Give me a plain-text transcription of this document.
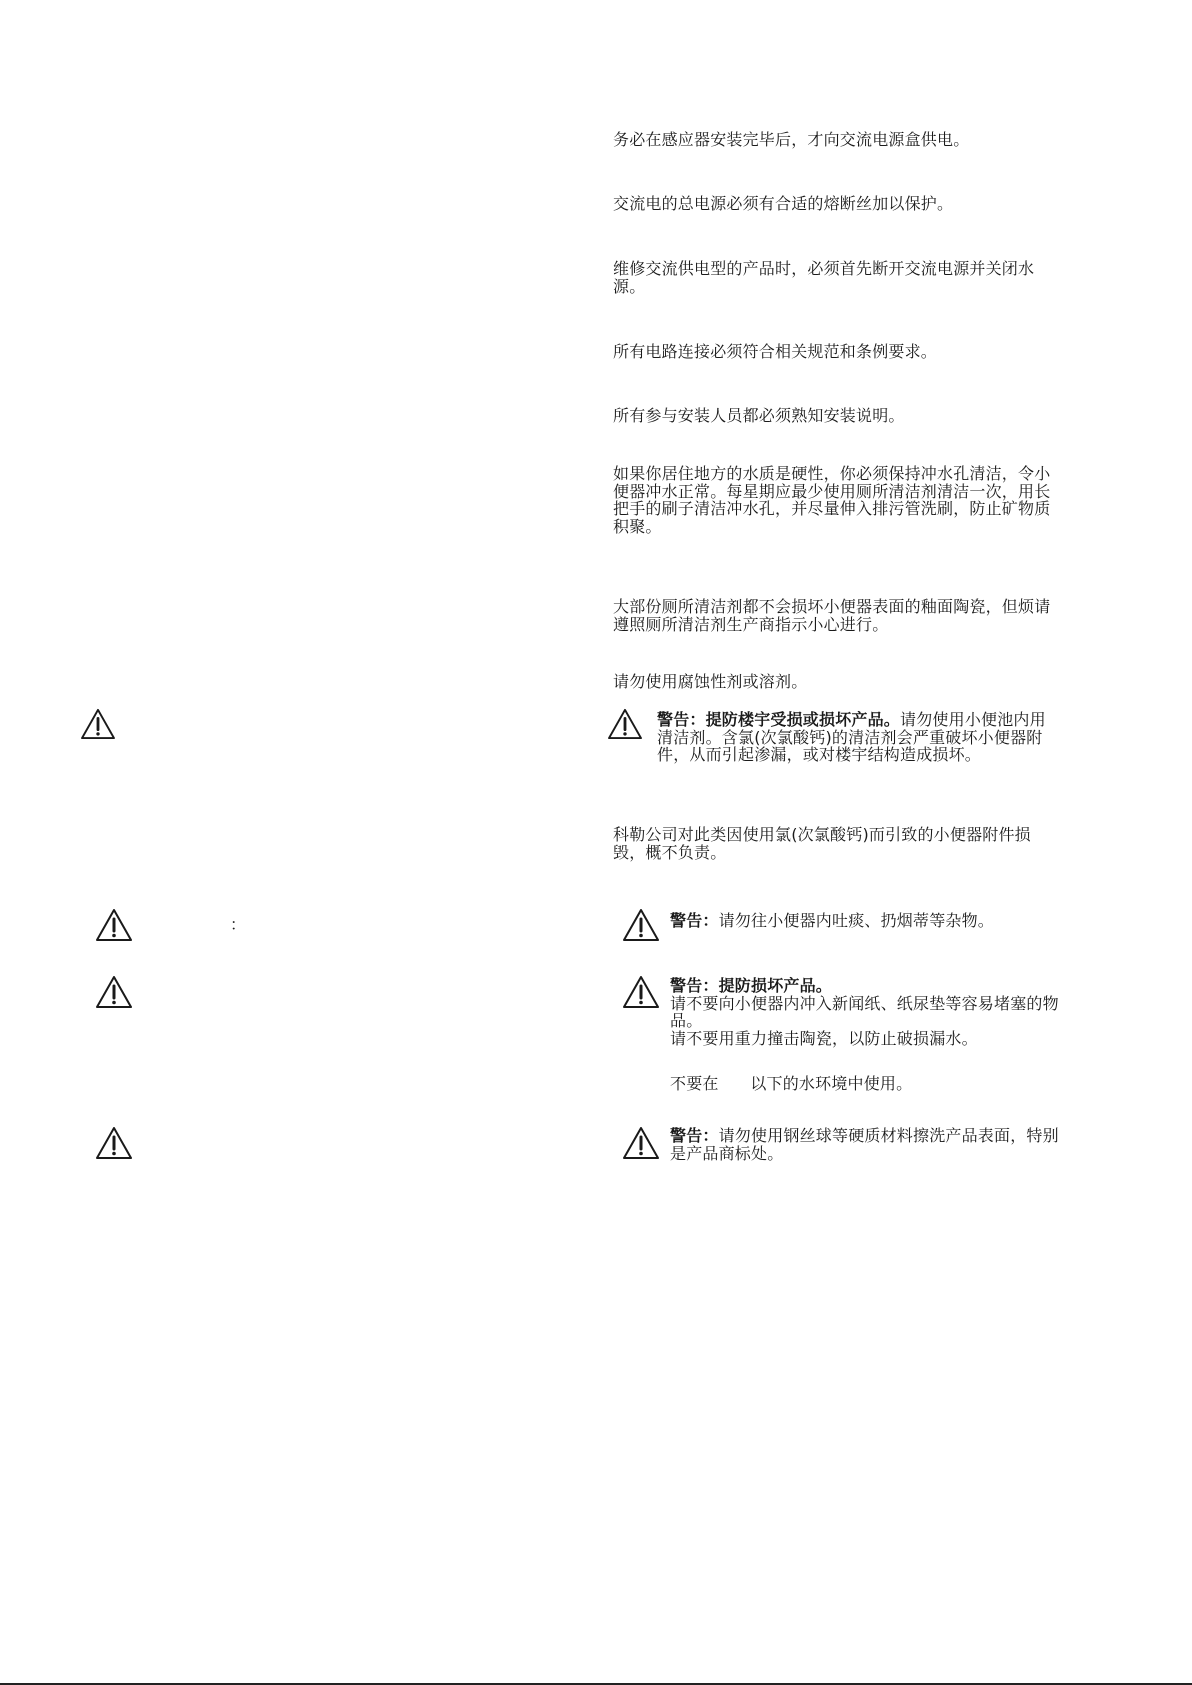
务必在感应器安装完毕后，才向交流电源盒供电。

交流电的总电源必须有合适的熔断丝加以保护。

维修交流供电型的产品时，必须首先断开交流电源并关闭水
源。

所有电路连接必须符合相关规范和条例要求。

所有参与安装人员都必须熟知安装说明。

如果你居住地方的水质是硬性，你必须保持冲水孔清洁，令小
便器冲水正常。每星期应最少使用厕所清洁剂清洁一次，用长
把手的刷子清洁冲水孔，并尽量伸入排污管洗刷，防止矿物质
积聚。

大部份厕所清洁剂都不会损坏小便器表面的釉面陶瓷，但烦请
遵照厕所清洁剂生产商指示小心进行。

请勿使用腐蚀性剂或溶剂。

警告：提防楼宇受损或损坏产品。请勿使用小便池内用
清洁剂。含氯(次氯酸钙)的清洁剂会严重破坏小便器附
件，从而引起渗漏，或对楼宇结构造成损坏。

科勒公司对此类因使用氯(次氯酸钙)而引致的小便器附件损
毁，概不负责。

警告：请勿往小便器内吐痰、扔烟蒂等杂物。
警告：提防损坏产品。
请不要向小便器内冲入新闻纸、纸尿垫等容易堵塞的物
品。
请不要用重力撞击陶瓷，以防止破损漏水。
不要在      以下的水环境中使用。
警告：请勿使用钢丝球等硬质材料擦洗产品表面，特别
是产品商标处。
：
